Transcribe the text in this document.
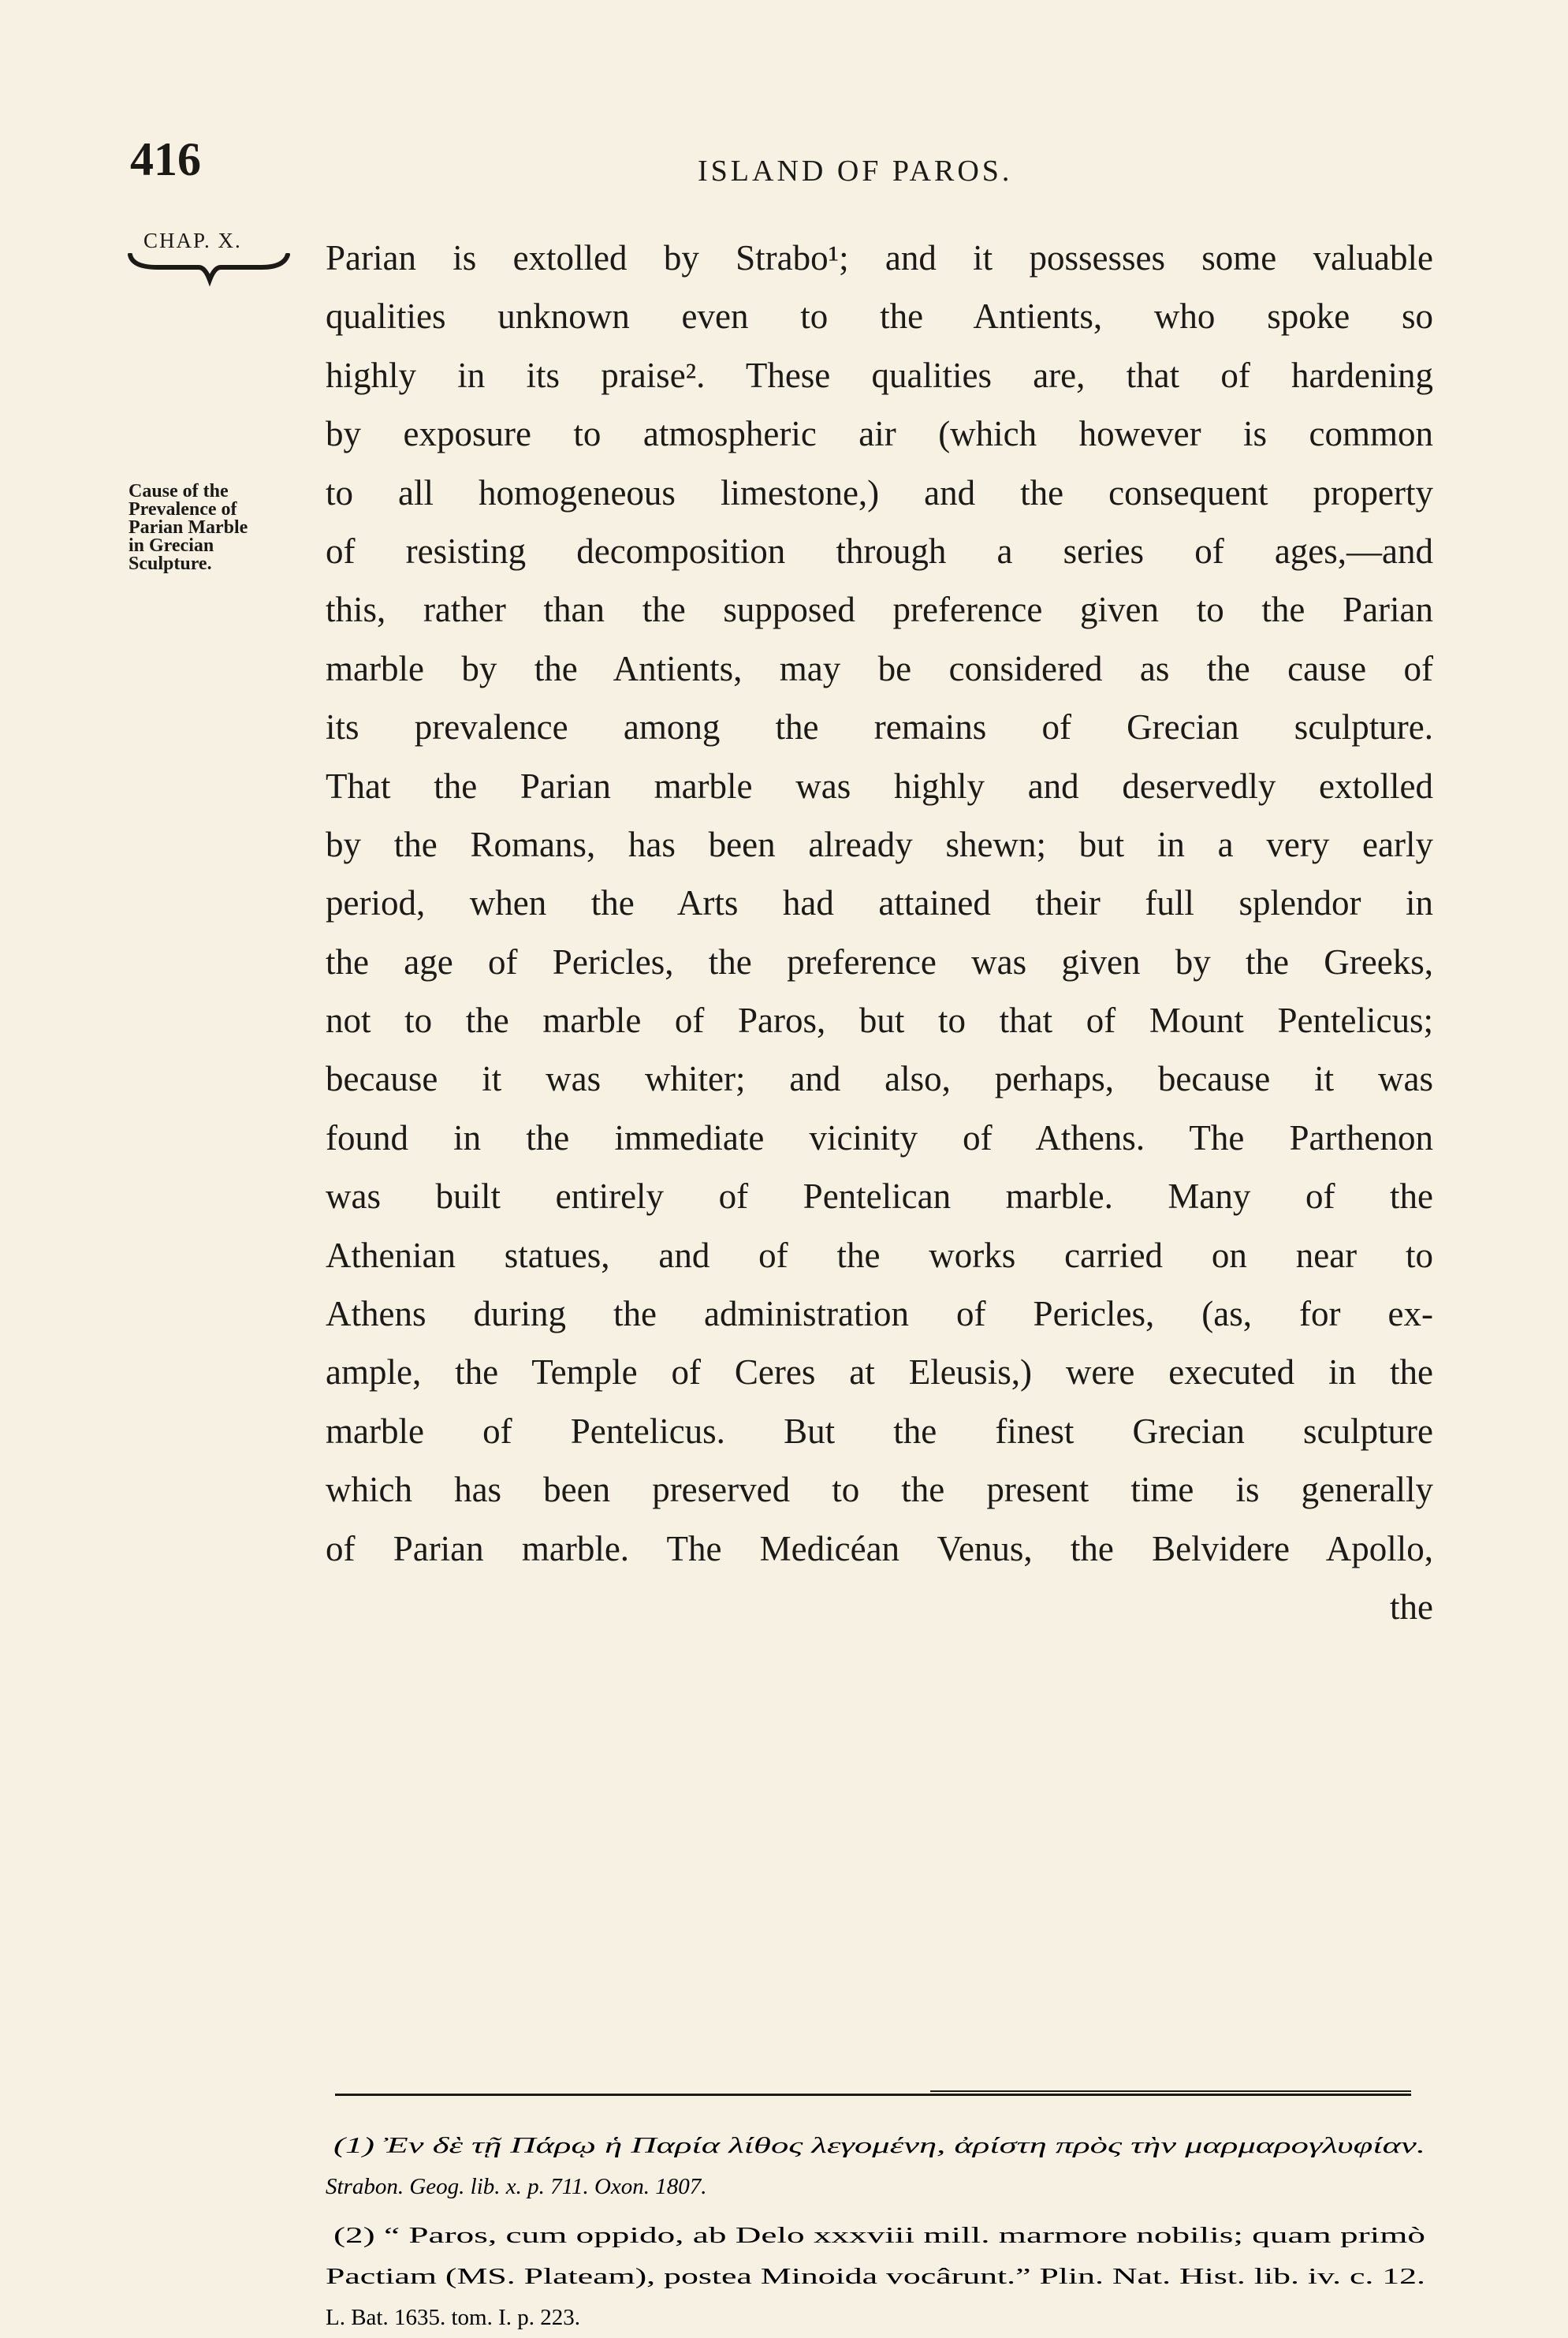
416	ISLAND OF PAROS.
CHAP. X.
Cause of the
Prevalence of
Parian Marble
in Grecian
Sculpture.
Parian is extolled by Strabo¹; and it possesses some valuable
qualities unknown even to the Antients, who spoke so
highly in its praise². These qualities are, that of hardening
by exposure to atmospheric air (which however is common
to all homogeneous limestone,) and the consequent property
of resisting decomposition through a series of ages,—and
this, rather than the supposed preference given to the Parian
marble by the Antients, may be considered as the cause of
its prevalence among the remains of Grecian sculpture.
That the Parian marble was highly and deservedly extolled
by the Romans, has been already shewn; but in a very early
period, when the Arts had attained their full splendor in
the age of Pericles, the preference was given by the Greeks,
not to the marble of Paros, but to that of Mount Pentelicus;
because it was whiter; and also, perhaps, because it was
found in the immediate vicinity of Athens. The Parthenon
was built entirely of Pentelican marble. Many of the
Athenian statues, and of the works carried on near to
Athens during the administration of Pericles, (as, for ex-
ample, the Temple of Ceres at Eleusis,) were executed in the
marble of Pentelicus. But the finest Grecian sculpture
which has been preserved to the present time is generally
of Parian marble. The Medicéan Venus, the Belvidere Apollo,
the
(1) Ἐν δὲ τῇ Πάρῳ ἡ Παρία λίθος λεγομένη, ἀρίστη πρὸς τὴν μαρμαρογλυφίαν.
Strabon. Geog. lib. x. p. 711. Oxon. 1807.
(2) “ Paros, cum oppido, ab Delo xxxviii mill. marmore nobilis; quam primò
Pactiam (MS. Plateam), postea Minoida vocârunt.” Plin. Nat. Hist. lib. iv. c. 12.
L. Bat. 1635. tom. I. p. 223.
